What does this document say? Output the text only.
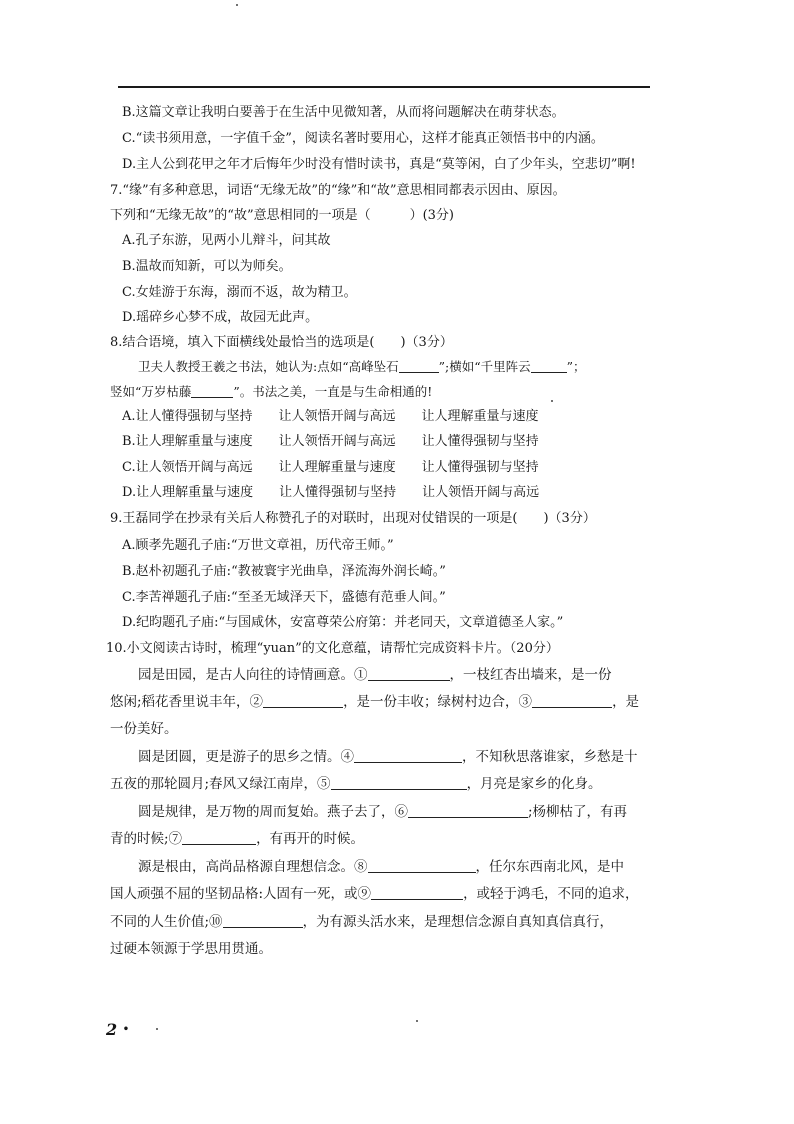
B.这篇文章让我明白要善于在生活中见微知著，从而将问题解决在萌芽状态。
C.“读书须用意，一字值千金”，阅读名著时要用心，这样才能真正领悟书中的内涵。
D.主人公到花甲之年才后悔年少时没有惜时读书，真是“莫等闲，白了少年头，空悲切”啊!
7.“缘”有多种意思，词语“无缘无故”的“缘”和“故”意思相同都表示因由、原因。
下列和“无缘无故”的“故”意思相同的一项是（　　　）(3分)
A.孔子东游，见两小儿辩斗，问其故
B.温故而知新，可以为师矣。
C.女娃游于东海，溺而不返，故为精卫。
D.瑶碎乡心梦不成，故园无此声。
8.结合语境，填入下面横线处最恰当的选项是(　　)（3分）
卫夫人教授王羲之书法，她认为:点如“高峰坠石	”;横如“千里阵云	”；
竖如“万岁枯藤	”。书法之美，一直是与生命相通的!
A.让人懂得强韧与坚持　　让人领悟开阔与高远　　让人理解重量与速度
B.让人理解重量与速度　　让人领悟开阔与高远　　让人懂得强韧与坚持
C.让人领悟开阔与高远　　让人理解重量与速度　　让人懂得强韧与坚持
D.让人理解重量与速度　　让人懂得强韧与坚持　　让人领悟开阔与高远
9.王磊同学在抄录有关后人称赞孔子的对联时，出现对仗错误的一项是(　　)（3分）
A.顾孝先题孔子庙:“万世文章祖，历代帝王师。”
B.赵朴初题孔子庙:“教被寰宇光曲阜，泽流海外润长崎。”
C.李苦禅题孔子庙:“至圣无域泽天下，盛德有范垂人间。”
D.纪昀题孔子庙:“与国咸休，安富尊荣公府第：并老同天，文章道德圣人家。”
10.小文阅读古诗时，梳理“yuan”的文化意蕴，请帮忙完成资料卡片。（20分）
园是田园，是古人向往的诗情画意。①	，一枝红杏出墙来，是一份
悠闲;稻花香里说丰年，②	，是一份丰收；绿树村边合，③	，是
一份美好。
圆是团圆，更是游子的思乡之情。④	，不知秋思落谁家，乡愁是十
五夜的那轮圆月;春风又绿江南岸，⑤	，月亮是家乡的化身。
圆是规律，是万物的周而复始。燕子去了，⑥	;杨柳枯了，有再
青的时候;⑦	，有再开的时候。
源是根由，高尚品格源自理想信念。⑧	，任尔东西南北风，是中
国人顽强不屈的坚韧品格:人固有一死，或⑨	，或轻于鸿毛，不同的追求，
不同的人生价值;⑩	，为有源头活水来，是理想信念源自真知真信真行，
过硬本领源于学思用贯通。
2 •
